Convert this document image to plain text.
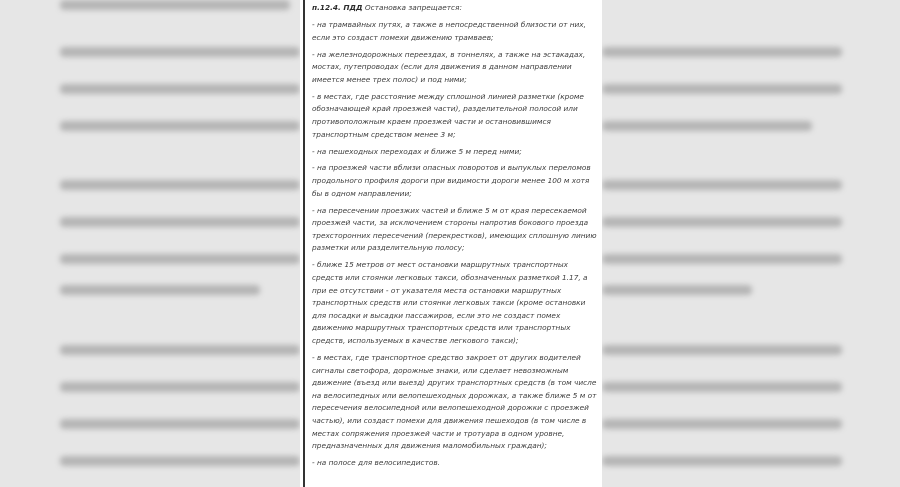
п.12.4. ПДД Остановка запрещается:

- на трамвайных путях, а также в непосредственной близости от них, если это создаст помехи движению трамваев;

- на железнодорожных переездах, в тоннелях, а также на эстакадах, мостах, путепроводах (если для движения в данном направлении имеется менее трех полос) и под ними;

- в местах, где расстояние между сплошной линией разметки (кроме обозначающей край проезжей части), разделительной полосой или противоположным краем проезжей части и остановившимся транспортным средством менее 3 м;

- на пешеходных переходах и ближе 5 м перед ними;

- на проезжей части вблизи опасных поворотов и выпуклых переломов продольного профиля дороги при видимости дороги менее 100 м хотя бы в одном направлении;

- на пересечении проезжих частей и ближе 5 м от края пересекаемой проезжей части, за исключением стороны напротив бокового проезда трехсторонних пересечений (перекрестков), имеющих сплошную линию разметки или разделительную полосу;

- ближе 15 метров от мест остановки маршрутных транспортных средств или стоянки легковых такси, обозначенных разметкой 1.17, а при ее отсутствии - от указателя места остановки маршрутных транспортных средств или стоянки легковых такси (кроме остановки для посадки и высадки пассажиров, если это не создаст помех движению маршрутных транспортных средств или транспортных средств, используемых в качестве легкового такси);

- в местах, где транспортное средство закроет от других водителей сигналы светофора, дорожные знаки, или сделает невозможным движение (въезд или выезд) других транспортных средств (в том числе на велосипедных или велопешеходных дорожках, а также ближе 5 м от пересечения велосипедной или велопешеходной дорожки с проезжей частью), или создаст помехи для движения пешеходов (в том числе в местах сопряжения проезжей части и тротуара в одном уровне, предназначенных для движения маломобильных граждан);

- на полосе для велосипедистов.
